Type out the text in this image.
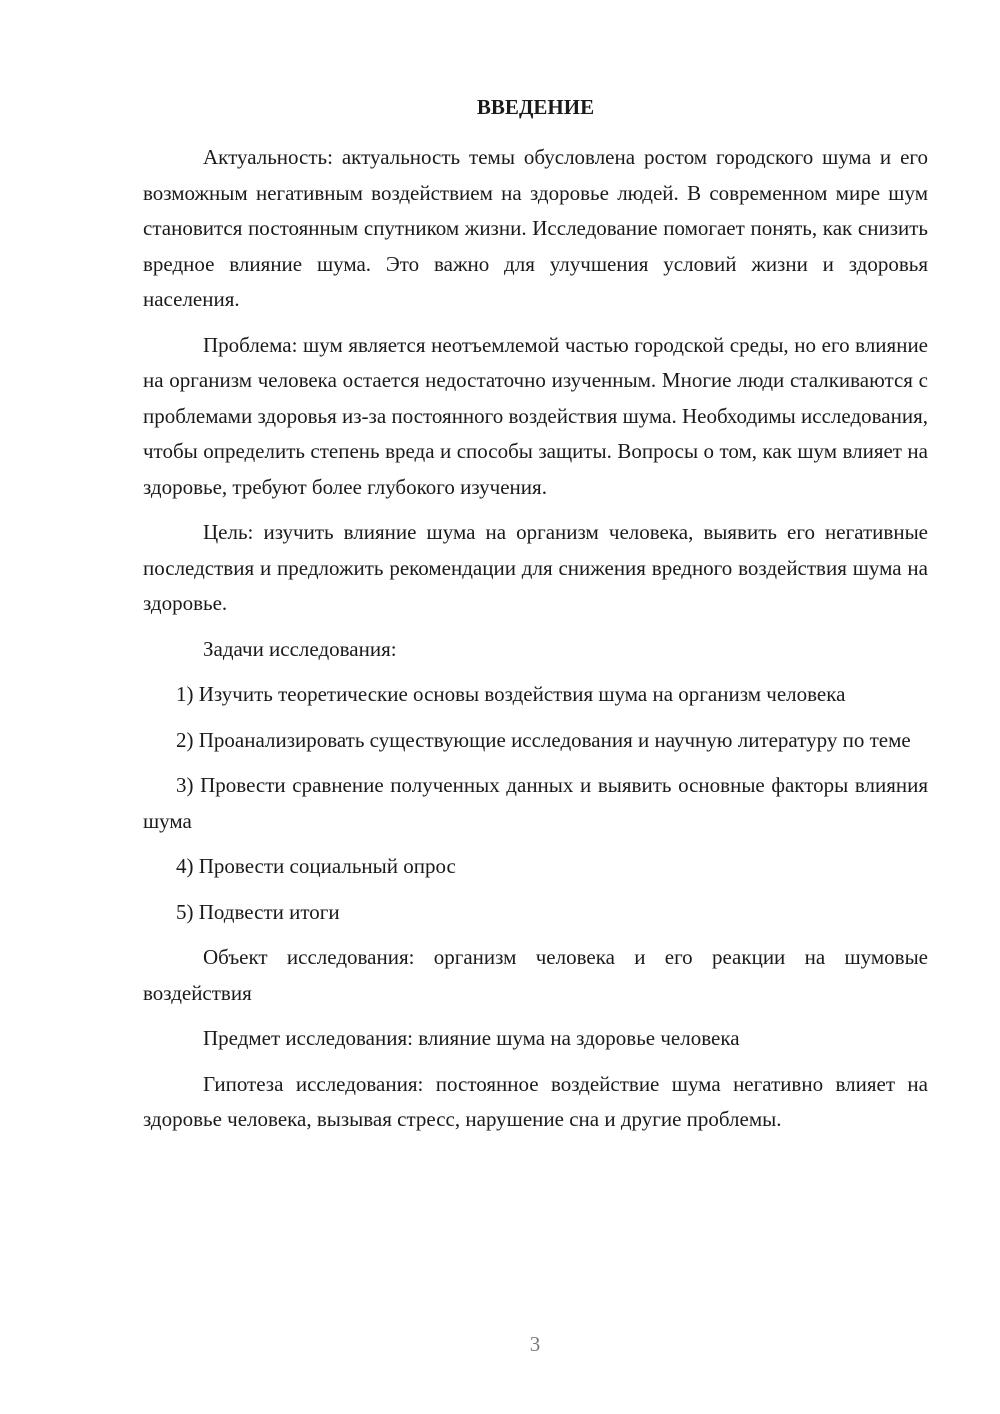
ВВЕДЕНИЕ

Актуальность: актуальность темы обусловлена ростом городского шума и его возможным негативным воздействием на здоровье людей. В современном мире шум становится постоянным спутником жизни. Исследование помогает понять, как снизить вредное влияние шума. Это важно для улучшения условий жизни и здоровья населения.

Проблема: шум является неотъемлемой частью городской среды, но его влияние на организм человека остается недостаточно изученным. Многие люди сталкиваются с проблемами здоровья из-за постоянного воздействия шума. Необходимы исследования, чтобы определить степень вреда и способы защиты. Вопросы о том, как шум влияет на здоровье, требуют более глубокого изучения.

Цель: изучить влияние шума на организм человека, выявить его негативные последствия и предложить рекомендации для снижения вредного воздействия шума на здоровье.

Задачи исследования:

1) Изучить теоретические основы воздействия шума на организм человека

2) Проанализировать существующие исследования и научную литературу по теме

3) Провести сравнение полученных данных и выявить основные факторы влияния шума

4) Провести социальный опрос

5) Подвести итоги

Объект исследования: организм человека и его реакции на шумовые воздействия

Предмет исследования: влияние шума на здоровье человека

Гипотеза исследования: постоянное воздействие шума негативно влияет на здоровье человека, вызывая стресс, нарушение сна и другие проблемы.

3
